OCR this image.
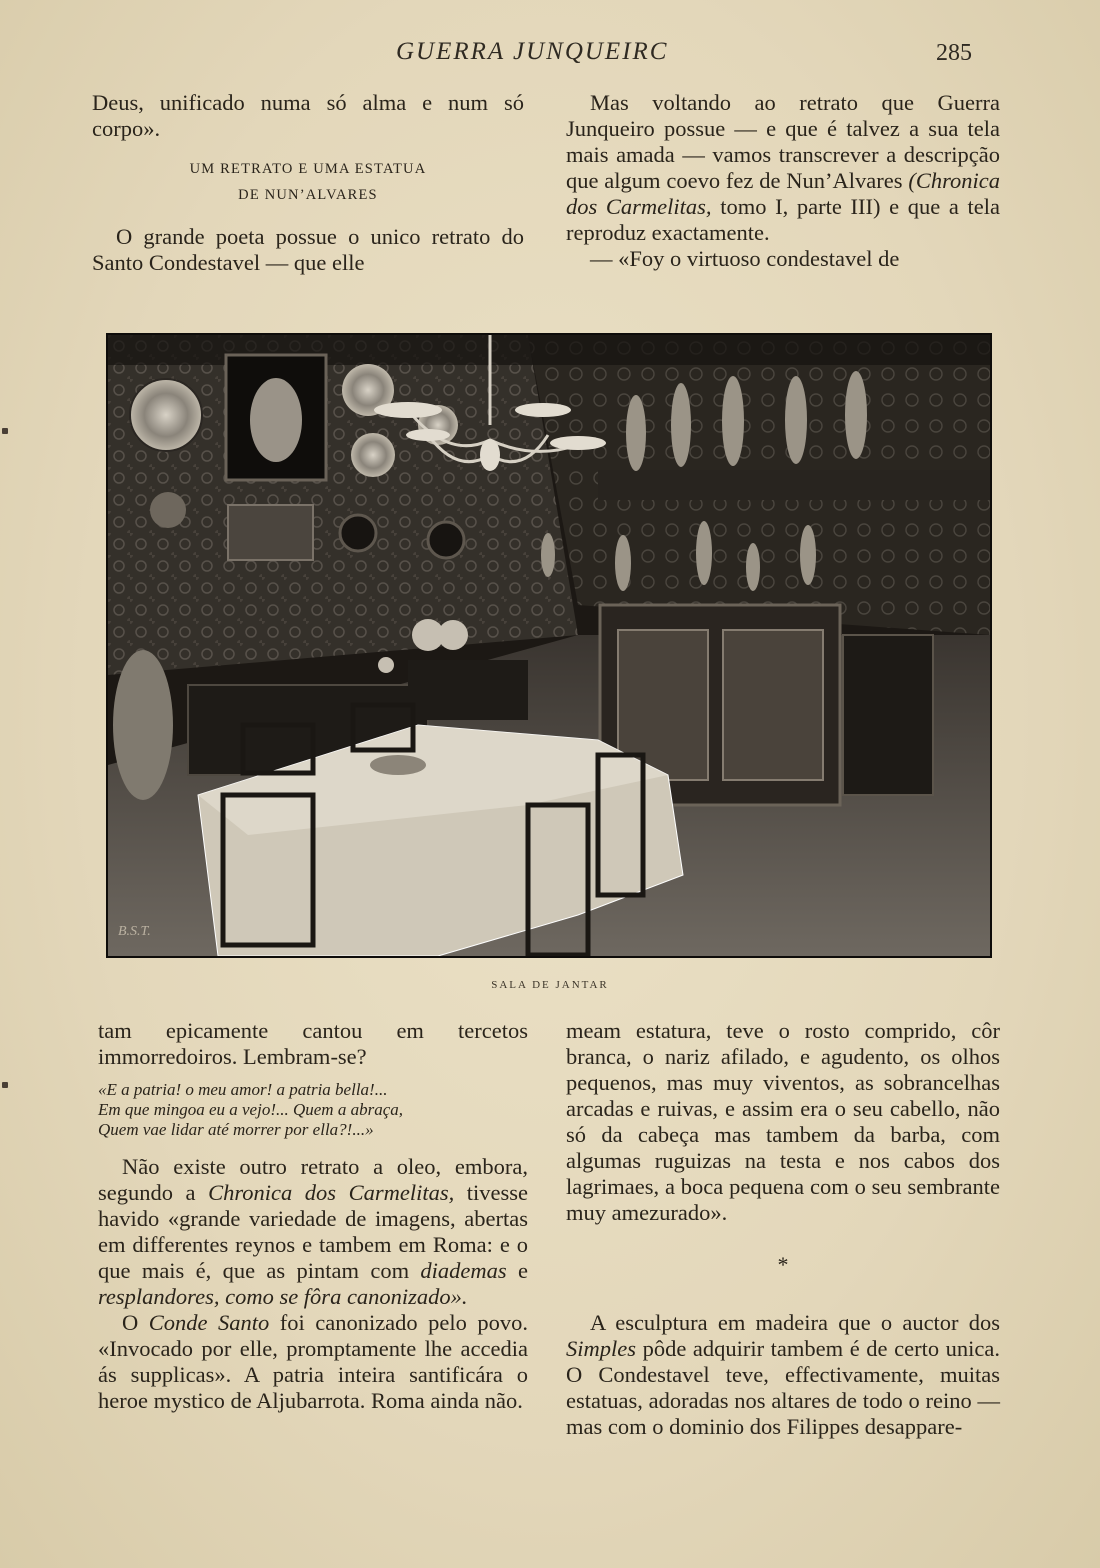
GUERRA JUNQUEIRC	285

Deus, unificado numa só alma e num só corpo».

UM RETRATO E UMA ESTATUA
DE NUN’ALVARES

O grande poeta possue o unico retrato do Santo Condestavel — que elle

Mas voltando ao retrato que Guerra Junqueiro possue — e que é talvez a sua tela mais amada — vamos transcrever a descripção que algum coevo fez de Nun’Alvares (Chronica dos Carmelitas, tomo I, parte III) e que a tela reproduz exactamente.

— «Foy o virtuoso condestavel de

B.S.T.
SALA DE JANTAR

tam epicamente cantou em tercetos immorredoiros. Lembram-se?

«E a patria! o meu amor! a patria bella!...
Em que mingoa eu a vejo!... Quem a abraça,
Quem vae lidar até morrer por ella?!...»

Não existe outro retrato a oleo, embora, segundo a Chronica dos Carmelitas, tivesse havido «grande variedade de imagens, abertas em differentes reynos e tambem em Roma: e o que mais é, que as pintam com diademas e resplandores, como se fôra canonizado».

O Conde Santo foi canonizado pelo povo. «Invocado por elle, promptamente lhe accedia ás supplicas». A patria inteira santificára o heroe mystico de Aljubarrota. Roma ainda não.

meam estatura, teve o rosto comprido, côr branca, o nariz afilado, e agudento, os olhos pequenos, mas muy viventos, as sobrancelhas arcadas e ruivas, e assim era o seu cabello, não só da cabeça mas tambem da barba, com algumas ruguizas na testa e nos cabos dos lagrimaes, a boca pequena com o seu sembrante muy amezurado».

*

A esculptura em madeira que o auctor dos Simples pôde adquirir tambem é de certo unica. O Condestavel teve, effectivamente, muitas estatuas, adoradas nos altares de todo o reino — mas com o dominio dos Filippes desappare-
